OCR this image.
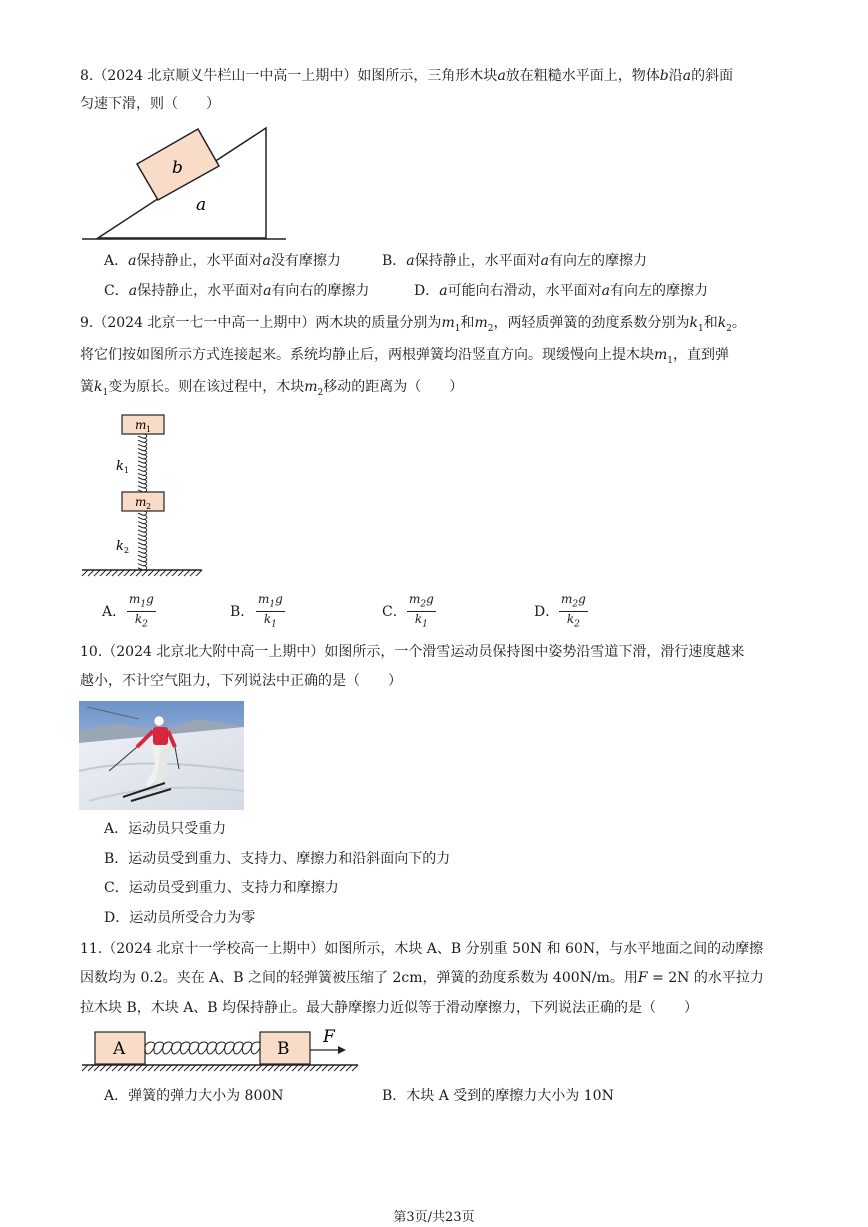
8.（2024 北京顺义牛栏山一中高一上期中）如图所示，三角形木块a放在粗糙水平面上，物体b沿a的斜面
匀速下滑，则（　　）
b
a
A．a保持静止，水平面对a没有摩擦力	B．a保持静止，水平面对a有向左的摩擦力
C．a保持静止，水平面对a有向右的摩擦力	D．a可能向右滑动，水平面对a有向左的摩擦力
9.（2024 北京一七一中高一上期中）两木块的质量分别为$m_1$和$m_2$，两轻质弹簧的劲度系数分别为$k_1$和$k_2$。
将它们按如图所示方式连接起来。系统均静止后，两根弹簧均沿竖直方向。现缓慢向上提木块$m_1$，直到弹
簧$k_1$变为原长。则在该过程中，木块$m_2$移动的距离为（　　）
m 1
k 1
m 2
k 2
A． $\frac{m_1g}{k_2}$	B． $\frac{m_1g}{k_1}$	C． $\frac{m_2g}{k_1}$	D． $\frac{m_2g}{k_2}$
10.（2024 北京北大附中高一上期中）如图所示，一个滑雪运动员保持图中姿势沿雪道下滑，滑行速度越来
越小，不计空气阻力，下列说法中正确的是（　　）
A．运动员只受重力
B．运动员受到重力、支持力、摩擦力和沿斜面向下的力
C．运动员受到重力、支持力和摩擦力
D．运动员所受合力为零
11.（2024 北京十一学校高一上期中）如图所示，木块 A、B 分别重 50N 和 60N，与水平地面之间的动摩擦
因数均为 0.2。夹在 A、B 之间的轻弹簧被压缩了 2cm，弹簧的劲度系数为 400N/m。用F = 2N 的水平拉力
拉木块 B，木块 A、B 均保持静止。最大静摩擦力近似等于滑动摩擦力，下列说法正确的是（　　）
A	B
F
A．弹簧的弹力大小为 800N	B．木块 A 受到的摩擦力大小为 10N
第3页/共23页
